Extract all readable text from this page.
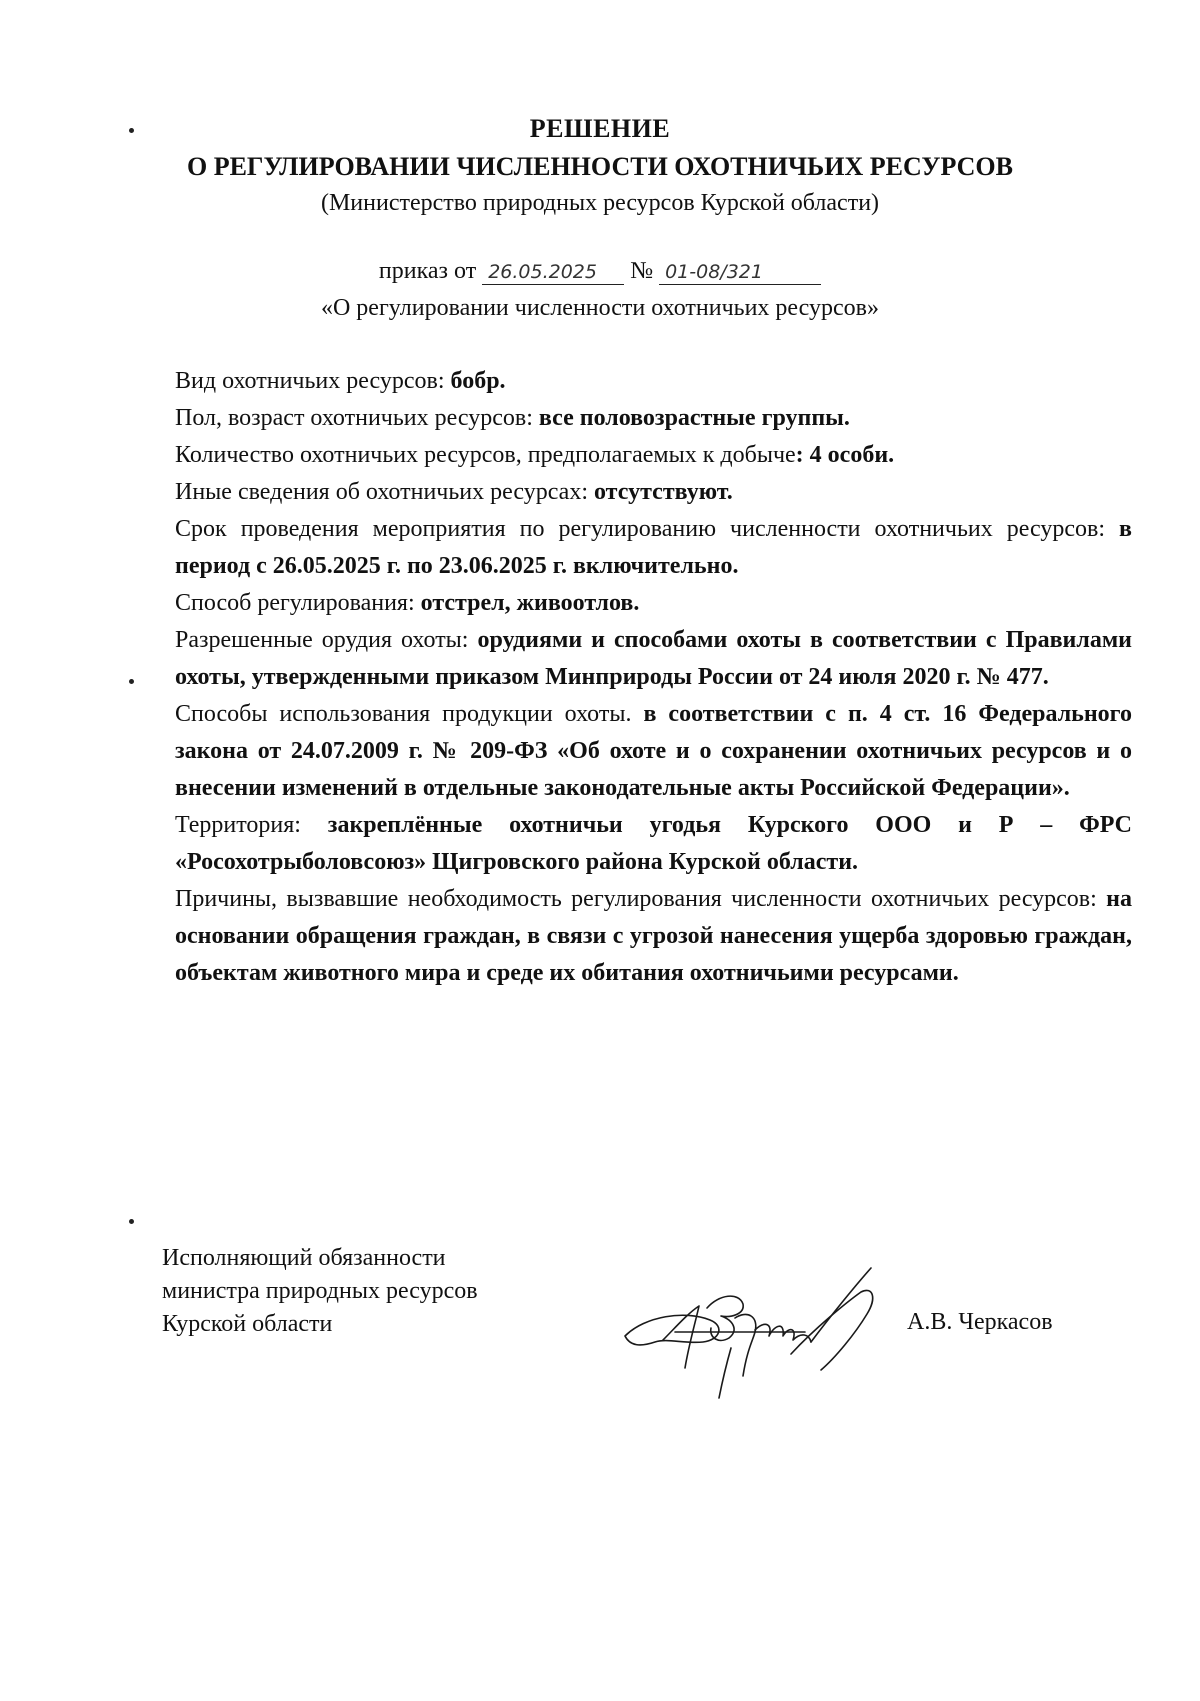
РЕШЕНИЕ
О РЕГУЛИРОВАНИИ ЧИСЛЕННОСТИ ОХОТНИЧЬИХ РЕСУРСОВ
(Министерство природных ресурсов Курской области)
приказ от 26.05.2025 № 01-08/321
«О регулировании численности охотничьих ресурсов»

Вид охотничьих ресурсов: бобр.

Пол, возраст охотничьих ресурсов: все половозрастные группы.

Количество охотничьих ресурсов, предполагаемых к добыче: 4 особи.

Иные сведения об охотничьих ресурсах: отсутствуют.

Срок проведения мероприятия по регулированию численности охотничьих ресурсов: в период с 26.05.2025 г. по 23.06.2025 г. включительно.

Способ регулирования: отстрел, живоотлов.

Разрешенные орудия охоты: орудиями и способами охоты в соответствии с Правилами охоты, утвержденными приказом Минприроды России от 24 июля 2020 г. № 477.

Способы использования продукции охоты. в соответствии с п. 4 ст. 16 Федерального закона от 24.07.2009 г. № 209-ФЗ «Об охоте и о сохранении охотничьих ресурсов и о внесении изменений в отдельные законодательные акты Российской Федерации».

Территория: закреплённые охотничьи угодья Курского ООО и Р – ФРС «Росохотрыболовсоюз» Щигровского района Курской области.

Причины, вызвавшие необходимость регулирования численности охотничьих ресурсов: на основании обращения граждан, в связи с угрозой нанесения ущерба здоровью граждан, объектам животного мира и среде их обитания охотничьими ресурсами.

Исполняющий обязанности
министра природных ресурсов
Курской области	А.В. Черкасов
